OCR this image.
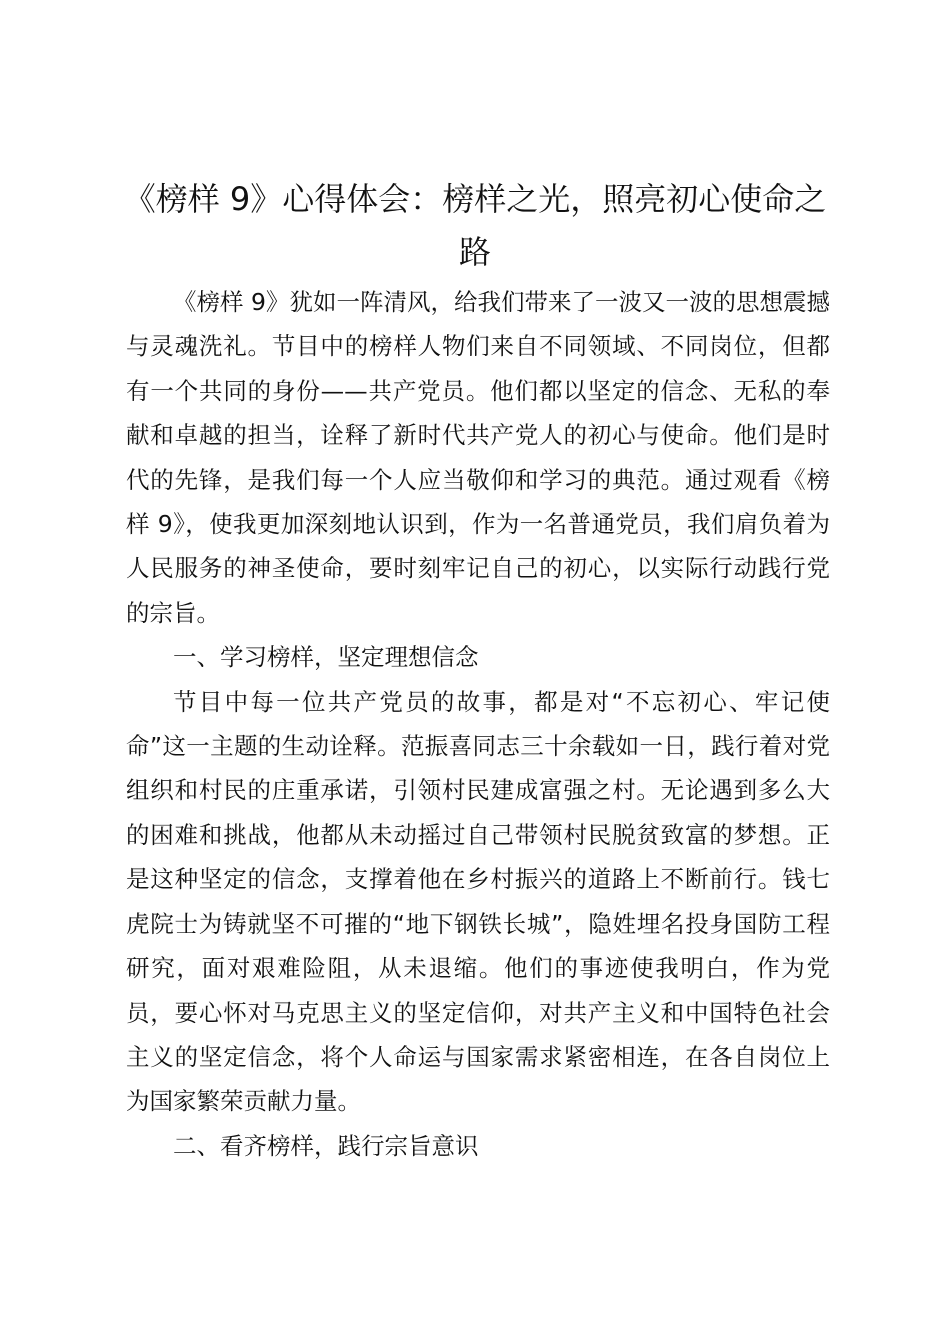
《榜样 9》心得体会：榜样之光，照亮初心使命之路

《榜样 9》犹如一阵清风，给我们带来了一波又一波的思想震撼与灵魂洗礼。节目中的榜样人物们来自不同领域、不同岗位，但都有一个共同的身份——共产党员。他们都以坚定的信念、无私的奉献和卓越的担当，诠释了新时代共产党人的初心与使命。他们是时代的先锋，是我们每一个人应当敬仰和学习的典范。通过观看《榜样 9》，使我更加深刻地认识到，作为一名普通党员，我们肩负着为人民服务的神圣使命，要时刻牢记自己的初心，以实际行动践行党的宗旨。

一、学习榜样，坚定理想信念

节目中每一位共产党员的故事，都是对“不忘初心、牢记使命”这一主题的生动诠释。范振喜同志三十余载如一日，践行着对党组织和村民的庄重承诺，引领村民建成富强之村。无论遇到多么大的困难和挑战，他都从未动摇过自己带领村民脱贫致富的梦想。正是这种坚定的信念，支撑着他在乡村振兴的道路上不断前行。钱七虎院士为铸就坚不可摧的“地下钢铁长城”，隐姓埋名投身国防工程研究，面对艰难险阻，从未退缩。他们的事迹使我明白，作为党员，要心怀对马克思主义的坚定信仰，对共产主义和中国特色社会主义的坚定信念，将个人命运与国家需求紧密相连，在各自岗位上为国家繁荣贡献力量。

二、看齐榜样，践行宗旨意识
